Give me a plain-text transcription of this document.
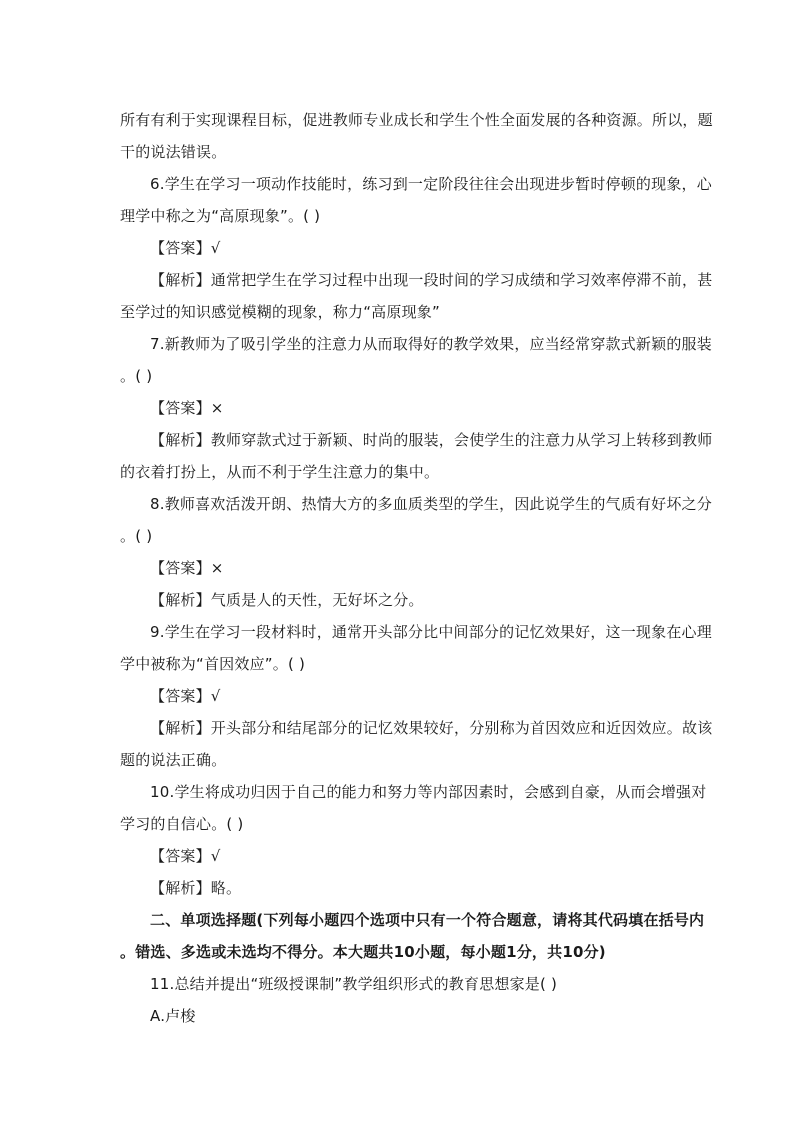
所有有利于实现课程目标，促进教师专业成长和学生个性全面发展的各种资源。所以，题
干的说法错误。
6.学生在学习一项动作技能时，练习到一定阶段往往会出现进步暂时停顿的现象，心
理学中称之为“高原现象”。( )
【答案】√
【解析】通常把学生在学习过程中出现一段时间的学习成绩和学习效率停滞不前，甚
至学过的知识感觉模糊的现象，称力“高原现象”
7.新教师为了吸引学坐的注意力从而取得好的教学效果，应当经常穿款式新颖的服装
。( )
【答案】×
【解析】教师穿款式过于新颖、时尚的服装，会使学生的注意力从学习上转移到教师
的衣着打扮上，从而不利于学生注意力的集中。
8.教师喜欢活泼开朗、热情大方的多血质类型的学生，因此说学生的气质有好坏之分
。( )
【答案】×
【解析】气质是人的天性，无好坏之分。
9.学生在学习一段材料时，通常开头部分比中间部分的记忆效果好，这一现象在心理
学中被称为“首因效应”。( )
【答案】√
【解析】开头部分和结尾部分的记忆效果较好，分别称为首因效应和近因效应。故该
题的说法正确。
10.学生将成功归因于自己的能力和努力等内部因素时，会感到自豪，从而会增强对
学习的自信心。( )
【答案】√
【解析】略。
二、单项选择题(下列每小题四个选项中只有一个符合题意，请将其代码填在括号内
。错选、多选或未选均不得分。本大题共10小题，每小题1分，共10分)
11.总结并提出“班级授课制”教学组织形式的教育思想家是( )
A.卢梭
